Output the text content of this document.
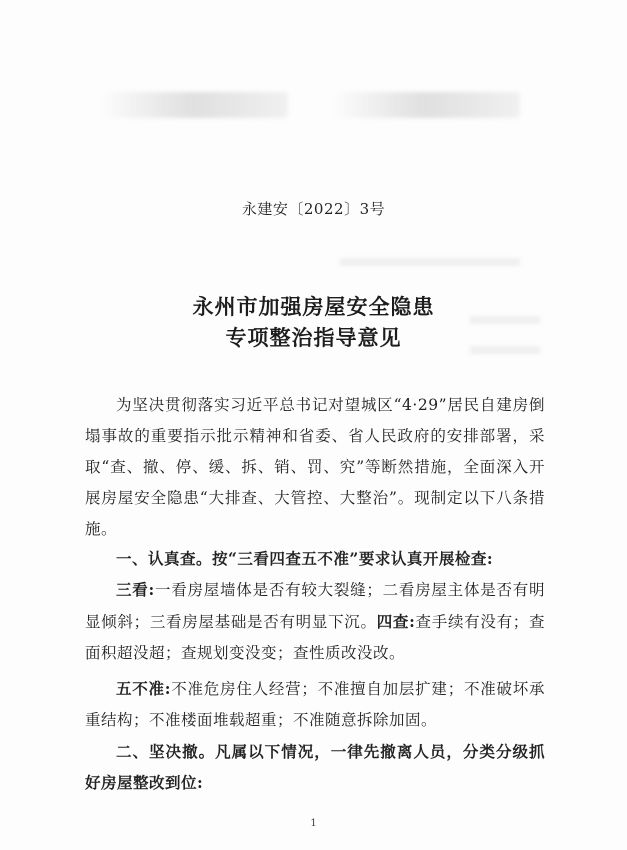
永建安〔2022〕3号
永州市加强房屋安全隐患
专项整治指导意见
为坚决贯彻落实习近平总书记对望城区“4·29”居民自建房倒塌事故的重要指示批示精神和省委、省人民政府的安排部署，采取“查、撤、停、缓、拆、销、罚、究”等断然措施，全面深入开展房屋安全隐患“大排查、大管控、大整治”。现制定以下八条措施。
一、认真查。按“三看四查五不准”要求认真开展检查:
三看:一看房屋墙体是否有较大裂缝；二看房屋主体是否有明显倾斜；三看房屋基础是否有明显下沉。四查:查手续有没有；查面积超没超；查规划变没变；查性质改没改。
五不准:不准危房住人经营；不准擅自加层扩建；不准破坏承重结构；不准楼面堆载超重；不准随意拆除加固。
二、坚决撤。凡属以下情况，一律先撤离人员，分类分级抓好房屋整改到位:
1
